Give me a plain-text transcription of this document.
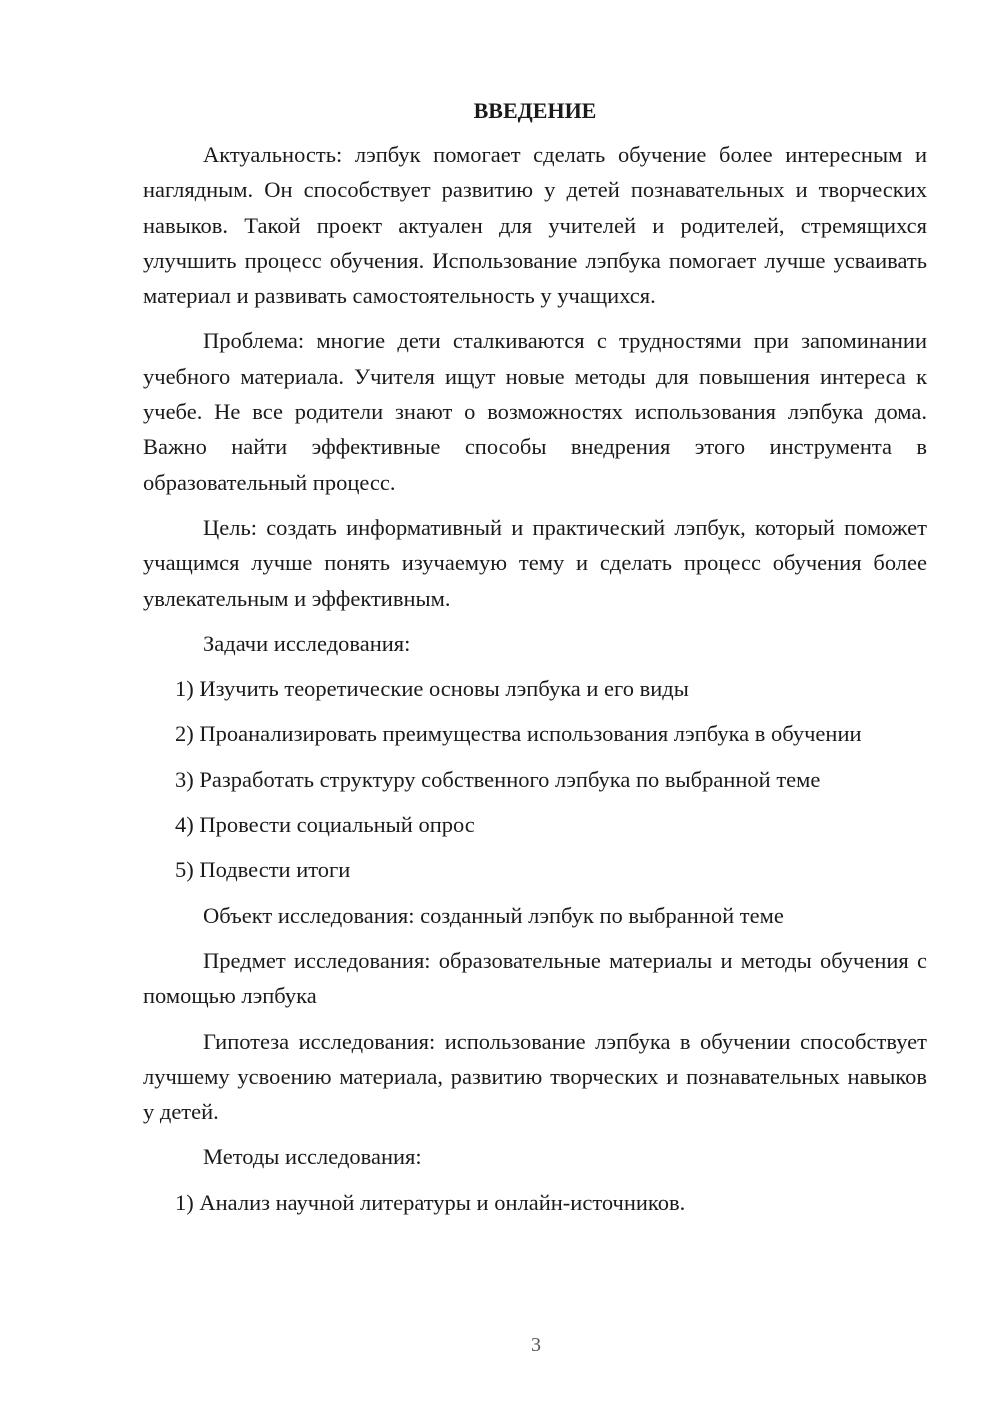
ВВЕДЕНИЕ
Актуальность: лэпбук помогает сделать обучение более интересным и наглядным. Он способствует развитию у детей познавательных и творческих навыков. Такой проект актуален для учителей и родителей, стремящихся улучшить процесс обучения. Использование лэпбука помогает лучше усваивать материал и развивать самостоятельность у учащихся.
Проблема: многие дети сталкиваются с трудностями при запоминании учебного материала. Учителя ищут новые методы для повышения интереса к учебе. Не все родители знают о возможностях использования лэпбука дома. Важно найти эффективные способы внедрения этого инструмента в образовательный процесс.
Цель: создать информативный и практический лэпбук, который поможет учащимся лучше понять изучаемую тему и сделать процесс обучения более увлекательным и эффективным.
Задачи исследования:
1) Изучить теоретические основы лэпбука и его виды
2) Проанализировать преимущества использования лэпбука в обучении
3) Разработать структуру собственного лэпбука по выбранной теме
4) Провести социальный опрос
5) Подвести итоги
Объект исследования: созданный лэпбук по выбранной теме
Предмет исследования: образовательные материалы и методы обучения с помощью лэпбука
Гипотеза исследования: использование лэпбука в обучении способствует лучшему усвоению материала, развитию творческих и познавательных навыков у детей.
Методы исследования:
1) Анализ научной литературы и онлайн-источников.
3
